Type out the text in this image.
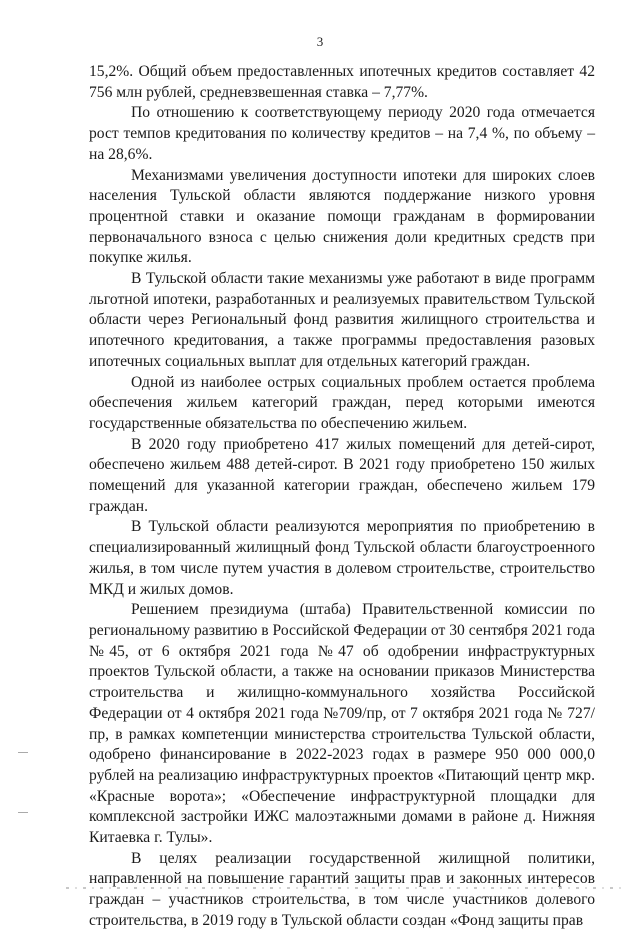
3

15,2%. Общий объем предоставленных ипотечных кредитов составляет 42 756 млн рублей, средневзвешенная ставка – 7,77%.

По отношению к соответствующему периоду 2020 года отмечается рост темпов кредитования по количеству кредитов – на 7,4 %, по объему – на 28,6%.

Механизмами увеличения доступности ипотеки для широких слоев населения Тульской области являются поддержание низкого уровня процентной ставки и оказание помощи гражданам в формировании первоначального взноса с целью снижения доли кредитных средств при покупке жилья.

В Тульской области такие механизмы уже работают в виде программ льготной ипотеки, разработанных и реализуемых правительством Тульской области через Региональный фонд развития жилищного строительства и ипотечного кредитования, а также программы предоставления разовых ипотечных социальных выплат для отдельных категорий граждан.

Одной из наиболее острых социальных проблем остается проблема обеспечения жильем категорий граждан, перед которыми имеются государственные обязательства по обеспечению жильем.

В 2020 году приобретено 417 жилых помещений для детей-сирот, обеспечено жильем 488 детей-сирот. В 2021 году приобретено 150 жилых помещений для указанной категории граждан, обеспечено жильем 179 граждан.

В Тульской области реализуются мероприятия по приобретению в специализированный жилищный фонд Тульской области благоустроенного жилья, в том числе путем участия в долевом строительстве, строительство МКД и жилых домов.

Решением президиума (штаба) Правительственной комиссии по региональному развитию в Российской Федерации от 30 сентября 2021 года №45, от 6 октября 2021 года №47 об одобрении инфраструктурных проектов Тульской области, а также на основании приказов Министерства строительства и жилищно-коммунального хозяйства Российской Федерации от 4 октября 2021 года №709/пр, от 7 октября 2021 года № 727/пр, в рамках компетенции министерства строительства Тульской области, одобрено финансирование в 2022-2023 годах в размере 950 000 000,0 рублей на реализацию инфраструктурных проектов «Питающий центр мкр. «Красные ворота»; «Обеспечение инфраструктурной площадки для комплексной застройки ИЖС малоэтажными домами в районе д. Нижняя Китаевка г. Тулы».

В целях реализации государственной жилищной политики, направленной на повышение гарантий защиты прав и законных интересов граждан – участников строительства, в том числе участников долевого строительства, в 2019 году в Тульской области создан «Фонд защиты прав
